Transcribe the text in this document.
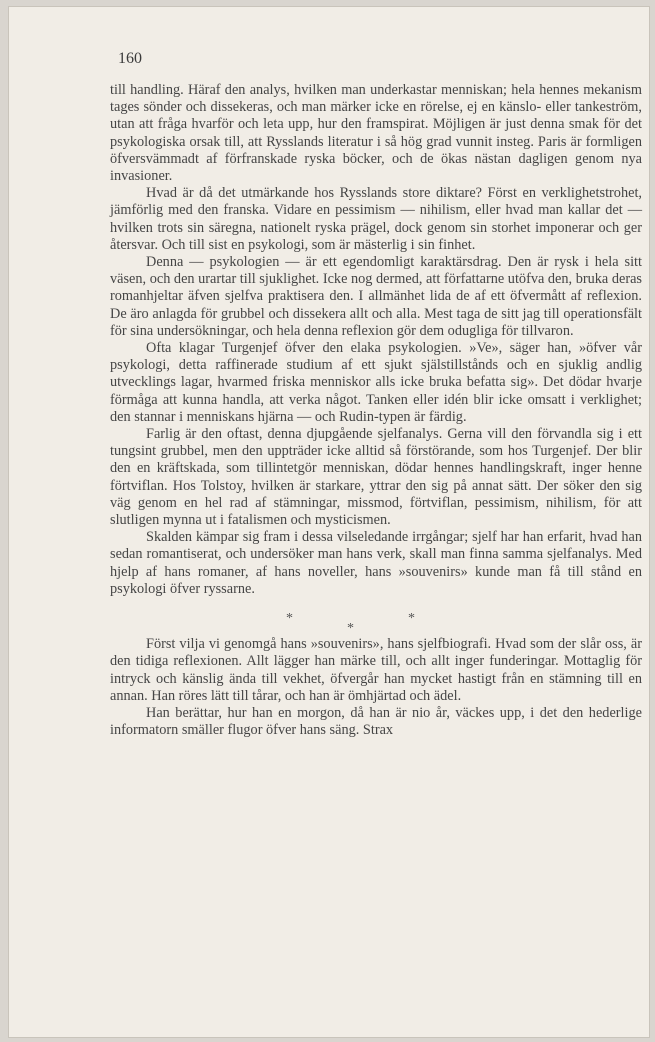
160

till handling. Häraf den analys, hvilken man underkastar menniskan; hela hennes mekanism tages sönder och dissekeras, och man märker icke en rörelse, ej en känslo- eller tankeström, utan att fråga hvarför och leta upp, hur den framspirat. Möjligen är just denna smak för det psykologiska orsak till, att Rysslands literatur i så hög grad vunnit insteg. Paris är formligen öfversvämmadt af förfranskade ryska böcker, och de ökas nästan dagligen genom nya invasioner.

Hvad är då det utmärkande hos Rysslands store diktare? Först en verklighetstrohet, jämförlig med den franska. Vidare en pessimism — nihilism, eller hvad man kallar det — hvilken trots sin säregna, nationelt ryska prägel, dock genom sin storhet imponerar och ger återsvar. Och till sist en psykologi, som är mästerlig i sin finhet.

Denna — psykologien — är ett egendomligt karaktärsdrag. Den är rysk i hela sitt väsen, och den urartar till sjuklighet. Icke nog dermed, att författarne utöfva den, bruka deras romanhjeltar äfven sjelfva praktisera den. I allmänhet lida de af ett öfvermått af reflexion. De äro anlagda för grubbel och dissekera allt och alla. Mest taga de sitt jag till operationsfält för sina undersökningar, och hela denna reflexion gör dem odugliga för tillvaron.

Ofta klagar Turgenjef öfver den elaka psykologien. »Ve», säger han, »öfver vår psykologi, detta raffinerade studium af ett sjukt själstillstånds och en sjuklig andlig utvecklings lagar, hvarmed friska menniskor alls icke bruka befatta sig». Det dödar hvarje förmåga att kunna handla, att verka något. Tanken eller idén blir icke omsatt i verklighet; den stannar i menniskans hjärna — och Rudin-typen är färdig.

Farlig är den oftast, denna djupgående sjelfanalys. Gerna vill den förvandla sig i ett tungsint grubbel, men den uppträder icke alltid så förstörande, som hos Turgenjef. Der blir den en kräftskada, som tillintetgör menniskan, dödar hennes handlingskraft, inger henne förtviflan. Hos Tolstoy, hvilken är starkare, yttrar den sig på annat sätt. Der söker den sig väg genom en hel rad af stämningar, missmod, förtviflan, pessimism, nihilism, för att slutligen mynna ut i fatalismen och mysticismen.

Skalden kämpar sig fram i dessa vilseledande irrgångar; sjelf har han erfarit, hvad han sedan romantiserat, och undersöker man hans verk, skall man finna samma sjelfanalys. Med hjelp af hans romaner, af hans noveller, hans »souvenirs» kunde man få till stånd en psykologi öfver ryssarne.

*	*
*

Först vilja vi genomgå hans »souvenirs», hans sjelfbiografi. Hvad som der slår oss, är den tidiga reflexionen. Allt lägger han märke till, och allt inger funderingar. Mottaglig för intryck och känslig ända till vekhet, öfvergår han mycket hastigt från en stämning till en annan. Han röres lätt till tårar, och han är ömhjärtad och ädel.

Han berättar, hur han en morgon, då han är nio år, väckes upp, i det den hederlige informatorn smäller flugor öfver hans säng. Strax
